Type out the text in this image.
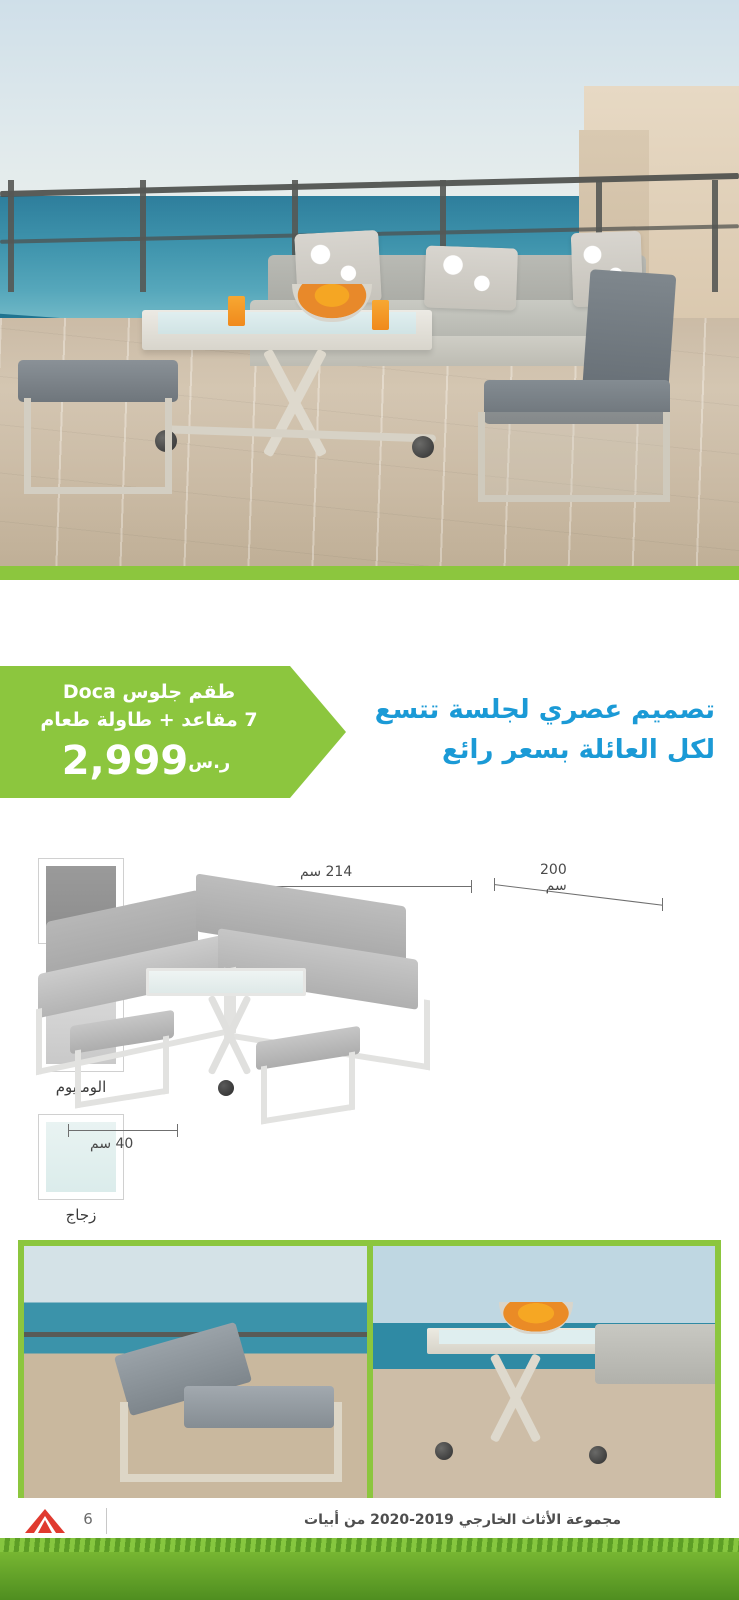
طقم جلوس Doca
7 مقاعد + طاولة طعام
ر.س2,999
تصميم عصري لجلسة تتسع
لكل العائلة بسعر رائع
الومنيوم
زجاج
214 سم	200 سم
40 سم
6	مجموعة الأثاث الخارجي 2019-2020 من أبيات
